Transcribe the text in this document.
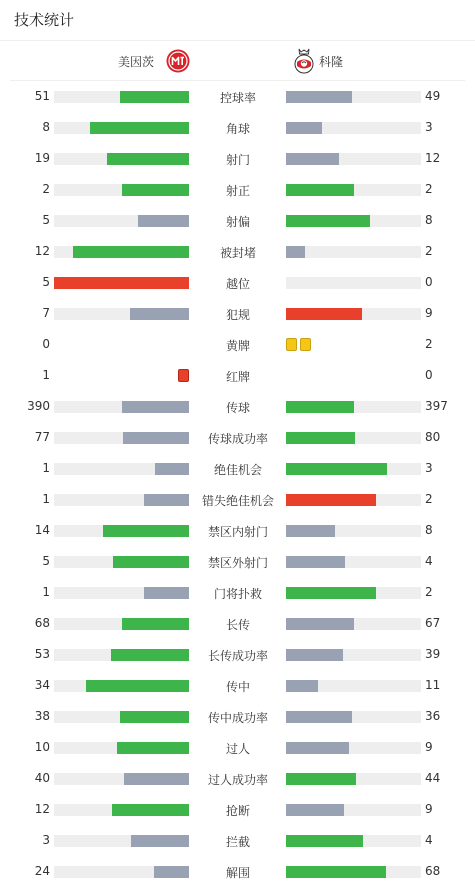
技术统计
美因茨	科隆
51	控球率	49
8	角球	3
19	射门	12
2	射正	2
5	射偏	8
12	被封堵	2
5	越位	0
7	犯规	9
0	黄牌	2
1	红牌	0
390	传球	397
77	传球成功率	80
1	绝佳机会	3
1	错失绝佳机会	2
14	禁区内射门	8
5	禁区外射门	4
1	门将扑救	2
68	长传	67
53	长传成功率	39
34	传中	11
38	传中成功率	36
10	过人	9
40	过人成功率	44
12	抢断	9
3	拦截	4
24	解围	68
